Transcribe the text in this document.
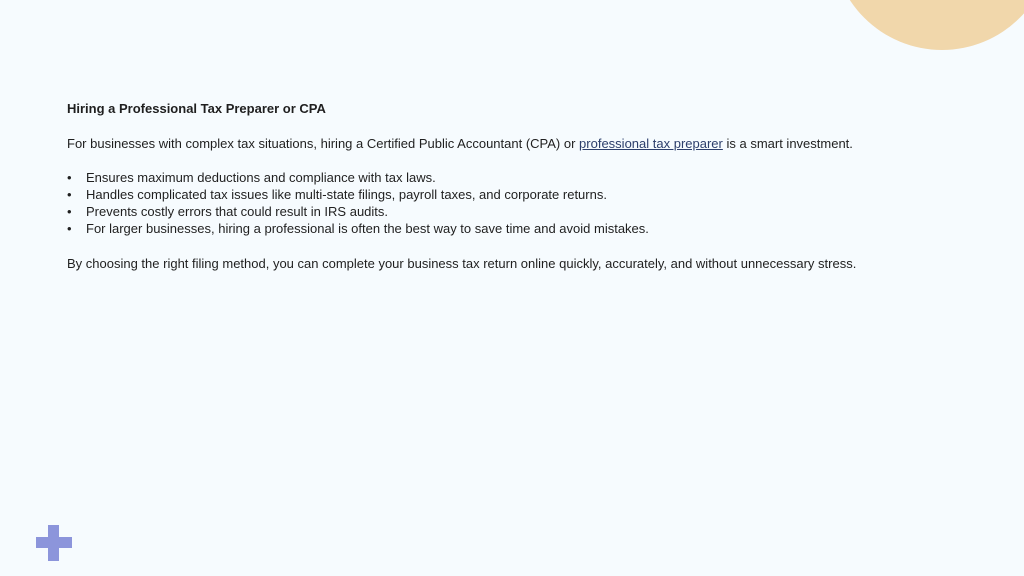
Hiring a Professional Tax Preparer or CPA

For businesses with complex tax situations, hiring a Certified Public Accountant (CPA) or professional tax preparer is a smart investment.

• Ensures maximum deductions and compliance with tax laws.
• Handles complicated tax issues like multi-state filings, payroll taxes, and corporate returns.
• Prevents costly errors that could result in IRS audits.
• For larger businesses, hiring a professional is often the best way to save time and avoid mistakes.

By choosing the right filing method, you can complete your business tax return online quickly, accurately, and without unnecessary stress.
